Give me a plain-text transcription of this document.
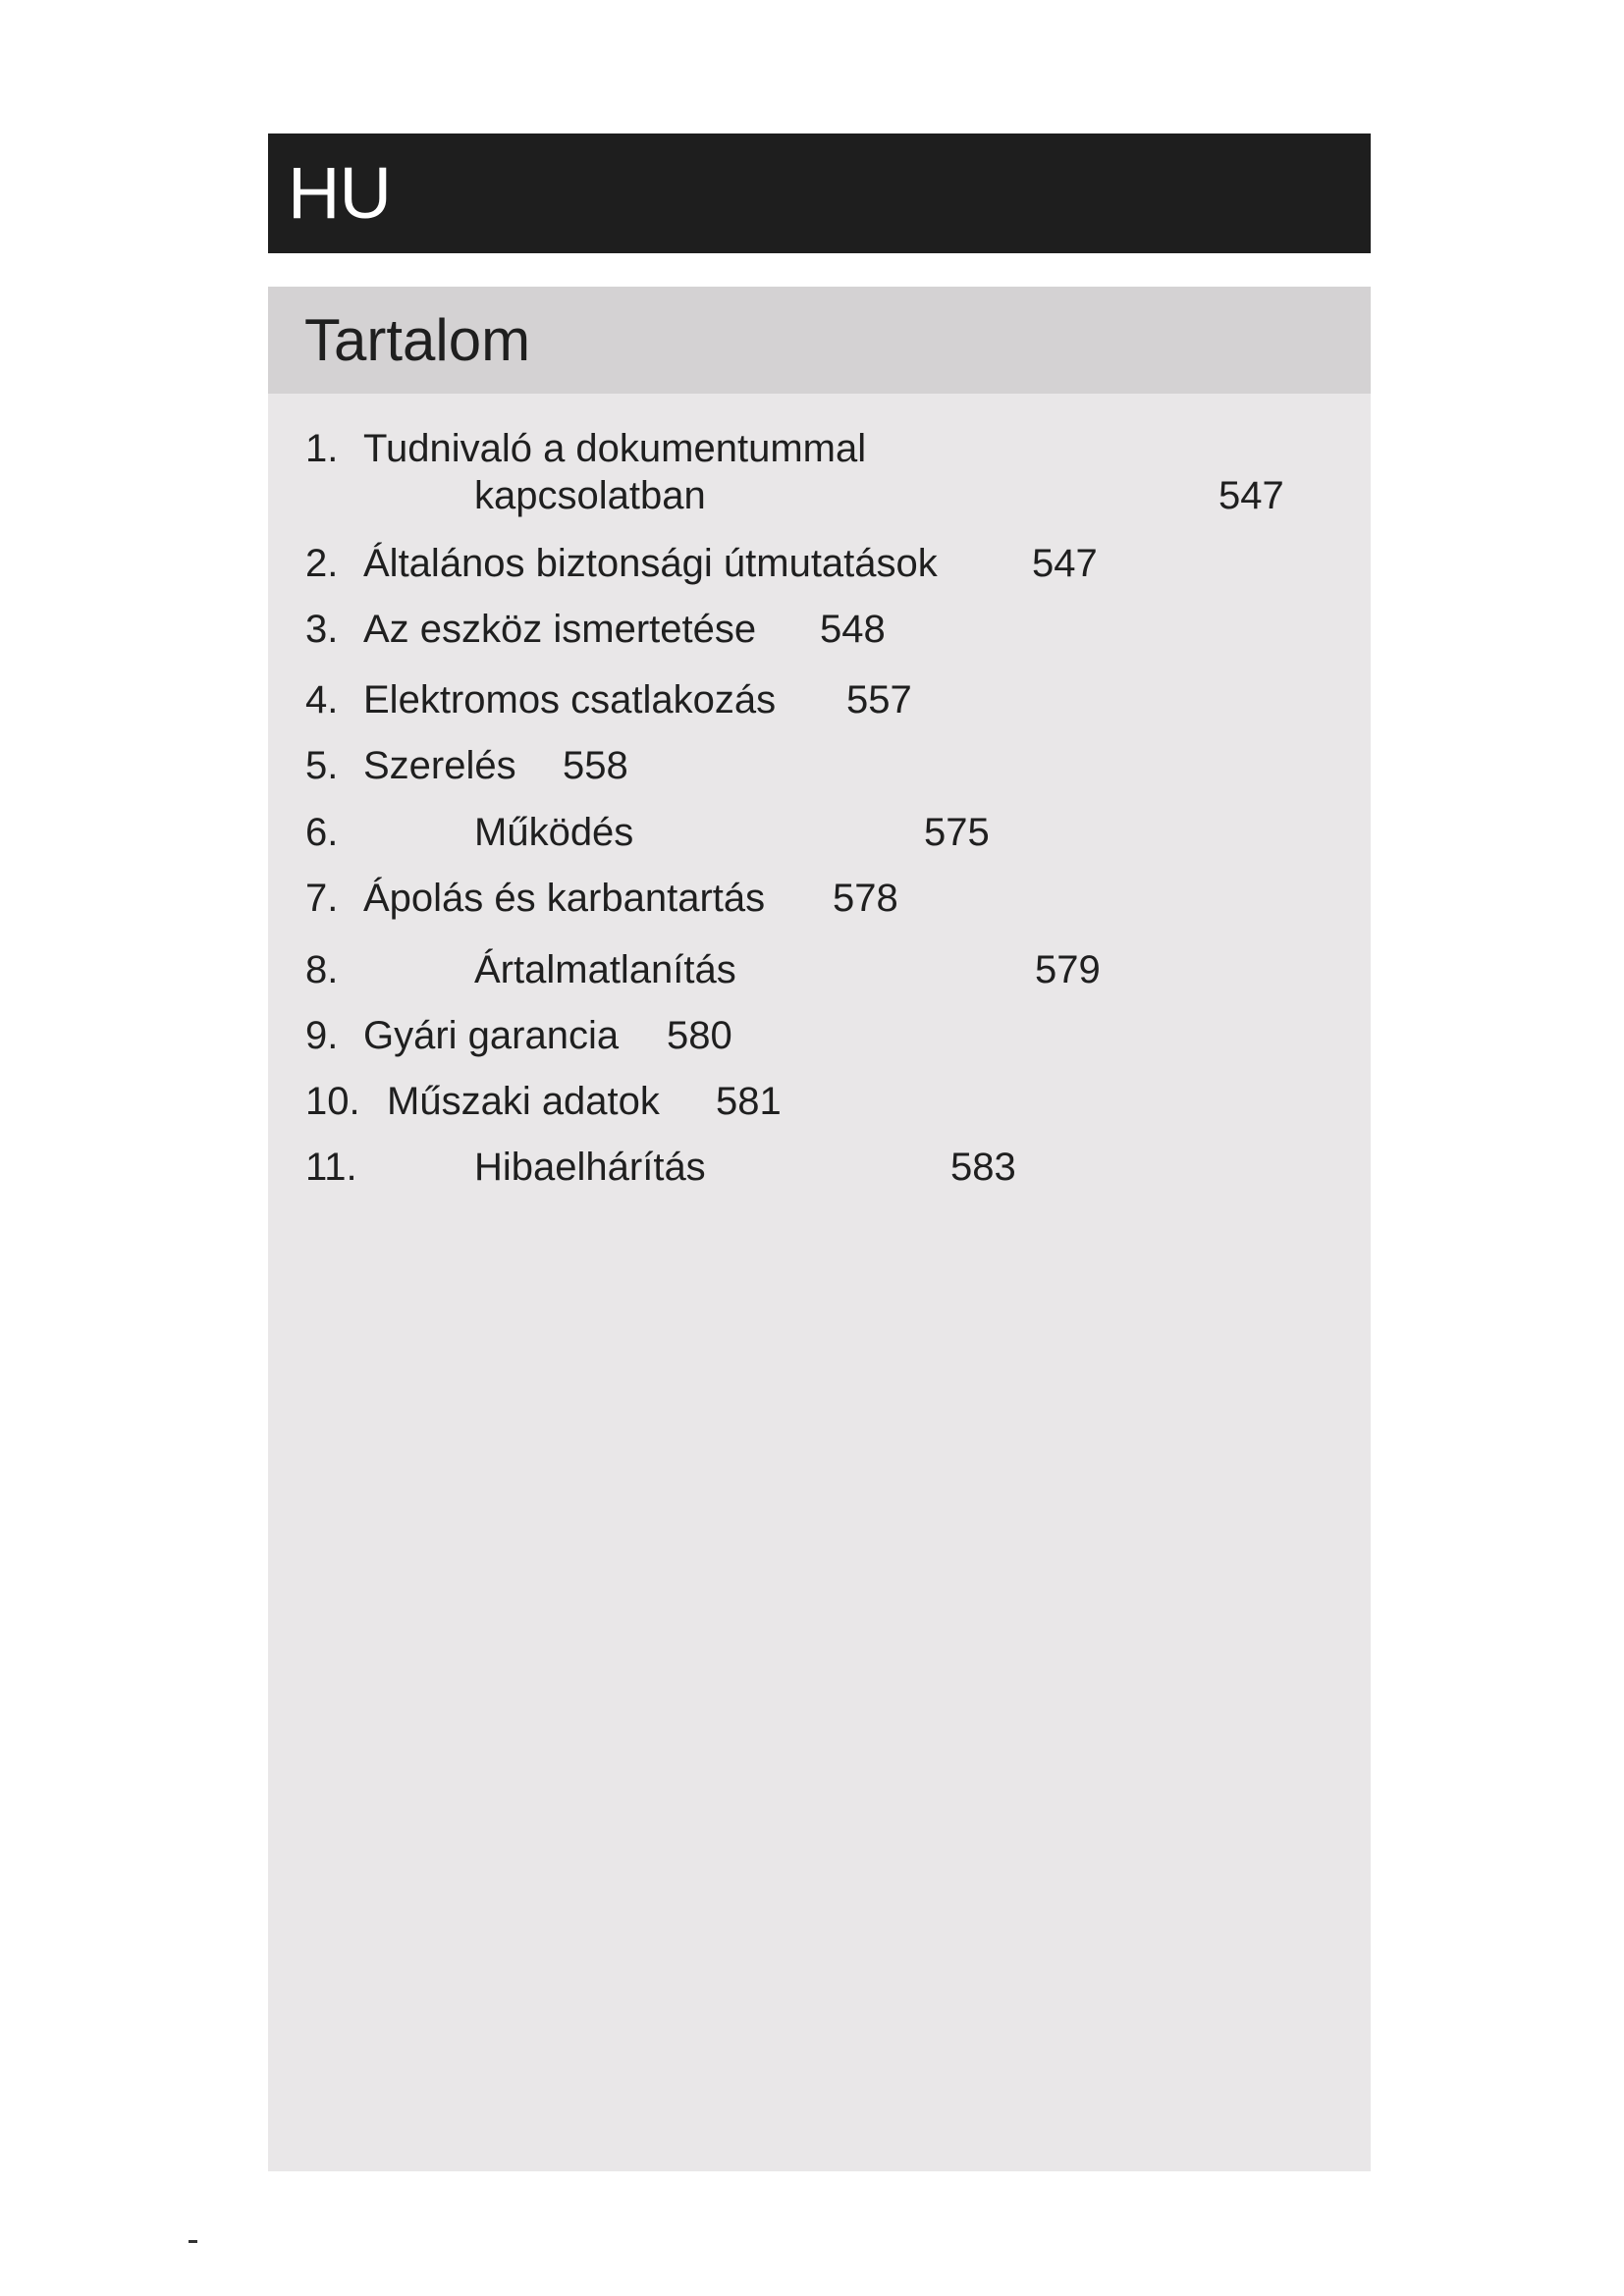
HU
Tartalom
1. Tudnivaló a dokumentummal
kapcsolatban	547
2. Általános biztonsági útmutatások 547
3. Az eszköz ismertetése 548
4. Elektromos csatlakozás 557
5. Szerelés 558
6.	Működés	575
7. Ápolás és karbantartás 578
8.	Ártalmatlanítás	579
9. Gyári garancia 580
10. Műszaki adatok 581
11.	Hibaelhárítás	583
